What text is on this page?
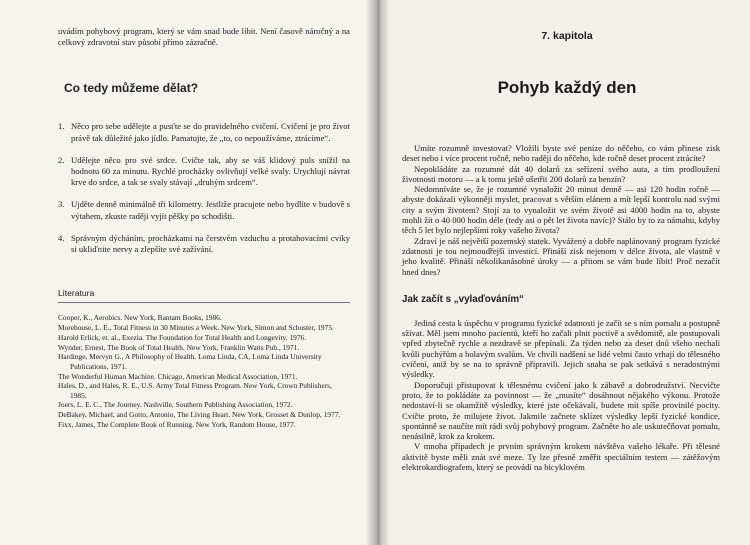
uvádím pohybový program, který se vám snad bude líbit. Není časově náročný a na celkový zdravotní stav působí přímo zázračně.

Co tedy můžeme dělat?
1. Něco pro sebe udělejte a pusťte se do pravidelného cvičení. Cvičení je pro život právě tak důležité jako jídlo. Pamatujte, že „to, co nepoužíváme, ztrácíme“.
2. Udělejte něco pro své srdce. Cvičte tak, aby se váš klidový puls snížil na hodnotu 60 za minutu. Rychlé procházky ovlivňují velké svaly. Urychlují návrat krve do srdce, a tak se svaly stávají „druhým srdcem“.
3. Ujděte denně minimálně tři kilometry. Jestliže pracujete nebo bydlíte v budově s výtahem, zkuste raději vyjít pěšky po schodišti.
4. Správným dýcháním, procházkami na čerstvém vzduchu a protahovacími cviky si ukliďnite nervy a zlepšíte své zažívání.
Literatura

Cooper, K., Aerobics. New York, Bantam Books, 1986.

Morehouse, L. E., Total Fitness in 30 Minutes a Week. New York, Simon and Schuster, 1975.

Harold Erlick, et. al., Exezia. The Foundation for Total Health and Longevity. 1976.

Wynder, Ernest, The Book of Total Health. New York, Franklin Watts Pub., 1971.

Hardinge, Mervyn G., A Philosophy of Health. Loma Linda, CA, Loma Linda University Publications, 1971.

The Wonderful Human Machine. Chicago, American Medical Association, 1971.

Hales, D., and Hales, R. E., U.S. Army Total Fitness Program. New York, Crown Publishers, 1985.

Joers, L. E. C., The Journey. Nashville, Southern Publishing Association, 1972.

DeBakey, Michael, and Gotto, Antonio, The Living Heart. New York, Grosset & Dunlop, 1977.

Fixx, James, The Complete Book of Running. New York, Random House, 1977.

7. kapitola
Pohyb každý den

Umíte rozumně investovat? Vložili byste své peníze do něčeho, co vám přinese zisk deset nebo i více procent ročně, nebo raději do něčeho, kde ročně deset procent ztrácíte?

Nepokládáte za rozumné dát 40 dolarů za seřízení svého auta, a tím prodloužení životnosti motoru — a k tomu ještě ušetřit 200 dolarů za benzín?

Nedomníváte se, že je rozumné vynaložit 20 minut denně — asi 120 hodin ročně — abyste dokázali výkonněji myslet, pracovat s větším elánem a mít lepší kontrolu nad svými city a svým životem? Stojí za to vynaložit ve svém životě asi 4000 hodin na to, abyste mohli žít o 40 000 hodin déle (tedy asi o pět let života navíc)? Stálo by to za námahu, kdyby těch 5 let bylo nejlepšími roky vašeho života?

Zdraví je náš největší pozemský statek. Vyvážený a dobře naplánovaný program fyzické zdatnosti je tou nejmoudřejší investicí. Přináší zisk nejenom v délce života, ale vlastně v jeho kvalitě. Přináší několikanásobné úroky — a přitom se vám bude líbit! Proč nezačít hned dnes?

Jak začít s „vylaďováním“

Jediná cesta k úspěchu v programu fyzické zdatnosti je začít se s ním pomalu a postupně sžívat. Měl jsem mnoho pacientů, kteří ho začali plnit poctivě a svědomitě, ale postupovali vpřed zbytečně rychle a nezdravě se přepínali. Za týden nebo za deset dnů všeho nechali kvůli puchýřům a bolavým svalům. Ve chvíli nadšení se lidé velmi často vrhají do tělesného cvičení, aniž by se na to správně připravili. Jejich snaha se pak setkává s neradostnými výsledky.

Doporučuji přistupovat k tělesnému cvičení jako k zábavě a dobrodružství. Necvičte proto, že to pokládáte za povinnost — že „musíte“ dosáhnout nějakého výkonu. Protože nedostaví-li se okamžitě výsledky, které jste očekávali, budete mít spíše provinilé pocity. Cvičte proto, že milujete život. Jakmile začnete sklízet výsledky lepší fyzické kondice, spontánně se naučíte mít rádi svůj pohybový program. Začněte ho ale uskutečňovat pomalu, nenásilně, krok za krokem.

V mnoha případech je prvním správným krokem návštěva vašeho lékaře. Při tělesné aktivitě byste měli znát své meze. Ty lze přesně změřit speciálním testem — zátěžovým elektrokardiografem, který se provádí na bicyklovém
